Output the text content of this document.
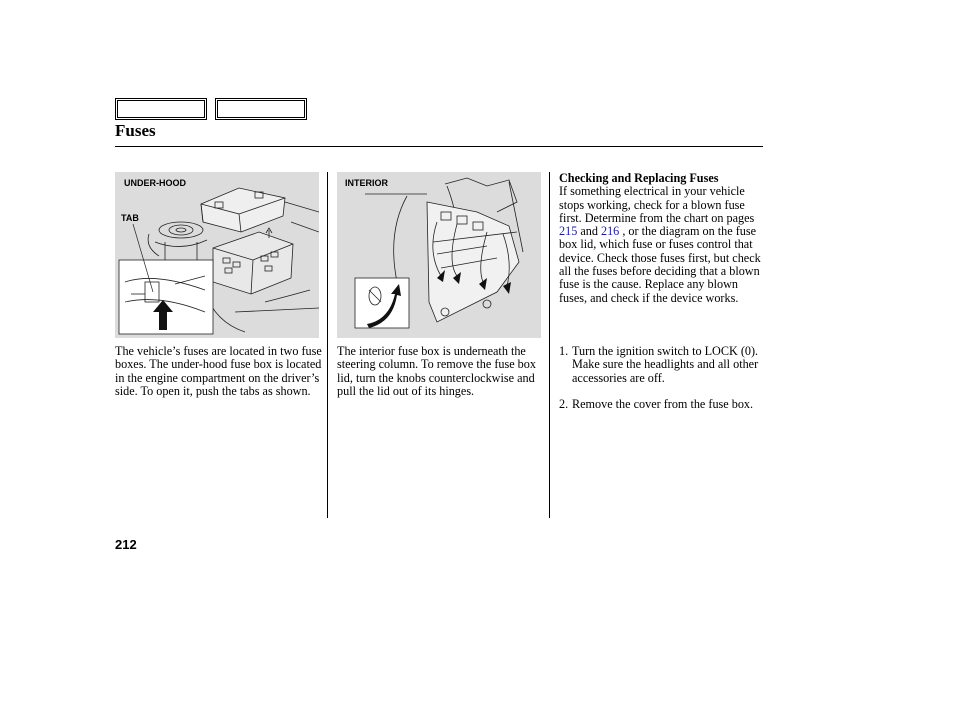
Fuses
UNDER-HOOD
TAB
INTERIOR

The vehicle’s fuses are located in two fuse boxes. The under-hood fuse box is located in the engine compartment on the driver’s side. To open it, push the tabs as shown.

The interior fuse box is underneath the steering column. To remove the fuse box lid, turn the knobs counterclockwise and pull the lid out of its hinges.

Checking and Replacing Fuses

If something electrical in your vehicle stops working, check for a blown fuse first. Determine from the chart on pages 215 and 216 , or the diagram on the fuse box lid, which fuse or fuses control that device. Check those fuses first, but check all the fuses before deciding that a blown fuse is the cause. Replace any blown fuses, and check if the device works.

1. Turn the ignition switch to LOCK (0). Make sure the headlights and all other accessories are off.
2. Remove the cover from the fuse box.
212
